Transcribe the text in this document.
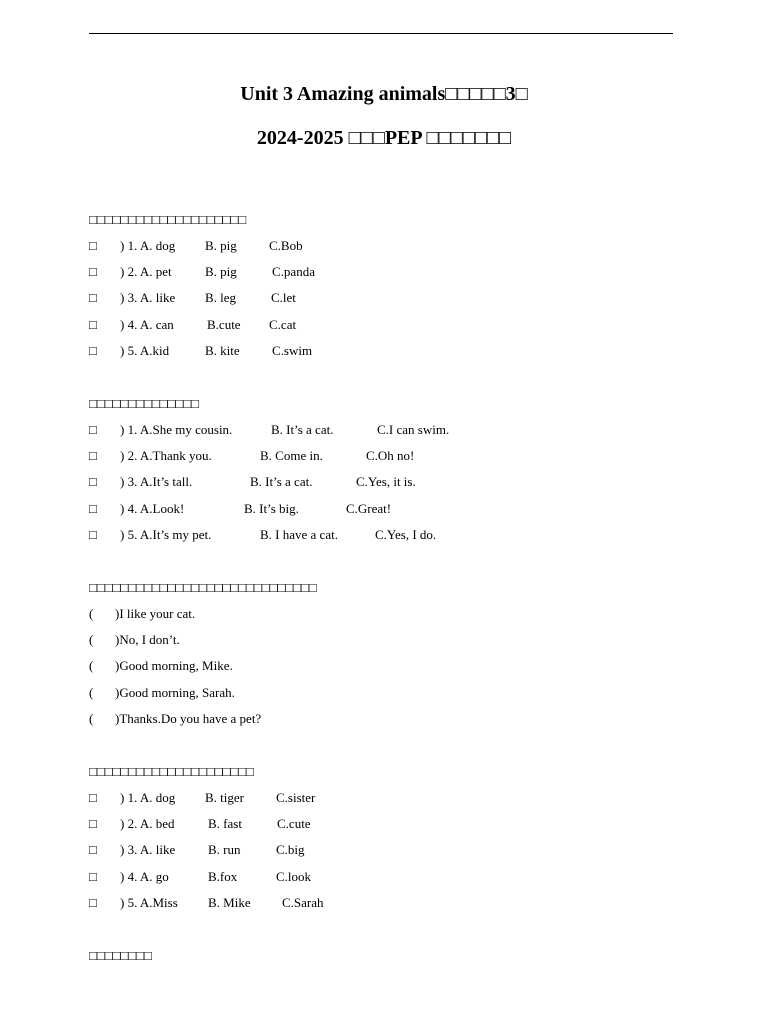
Unit 3 Amazing animals□□□□□3□
2024-2025 □□□PEP □□□□□□□
□□□□□□□□□□□□□□□□□□□□
□ ) 1. A. dog B. pig C.Bob
□ ) 2. A. pet	B. pig	C.panda
□ ) 3. A. like B. leg	C.let
□ ) 4. A. can	B.cute C.cat
□ ) 5. A.kid	B. kite C.swim
□□□□□□□□□□□□□□
□ ) 1. A.She my cousin.	B. It’s a cat.	C.I can swim.
□ ) 2. A.Thank you.	B. Come in.	C.Oh no!
□ ) 3. A.It’s tall.	B. It’s a cat.	C.Yes, it is.
□ ) 4. A.Look!	B. It’s big.	C.Great!
□ ) 5. A.It’s my pet.	B. I have a cat.	C.Yes, I do.
□□□□□□□□□□□□□□□□□□□□□□□□□□□□□
( )I like your cat.
( )No, I don’t.
( )Good morning, Mike.
( )Good morning, Sarah.
( )Thanks.Do you have a pet?
□□□□□□□□□□□□□□□□□□□□□
□ ) 1. A. dog B. tiger C.sister
□ ) 2. A. bed	B. fast	C.cute
□ ) 3. A. like	B. run	C.big
□ ) 4. A. go	B.fox	C.look
□ ) 5. A.Miss B. Mike C.Sarah
□□□□□□□□
